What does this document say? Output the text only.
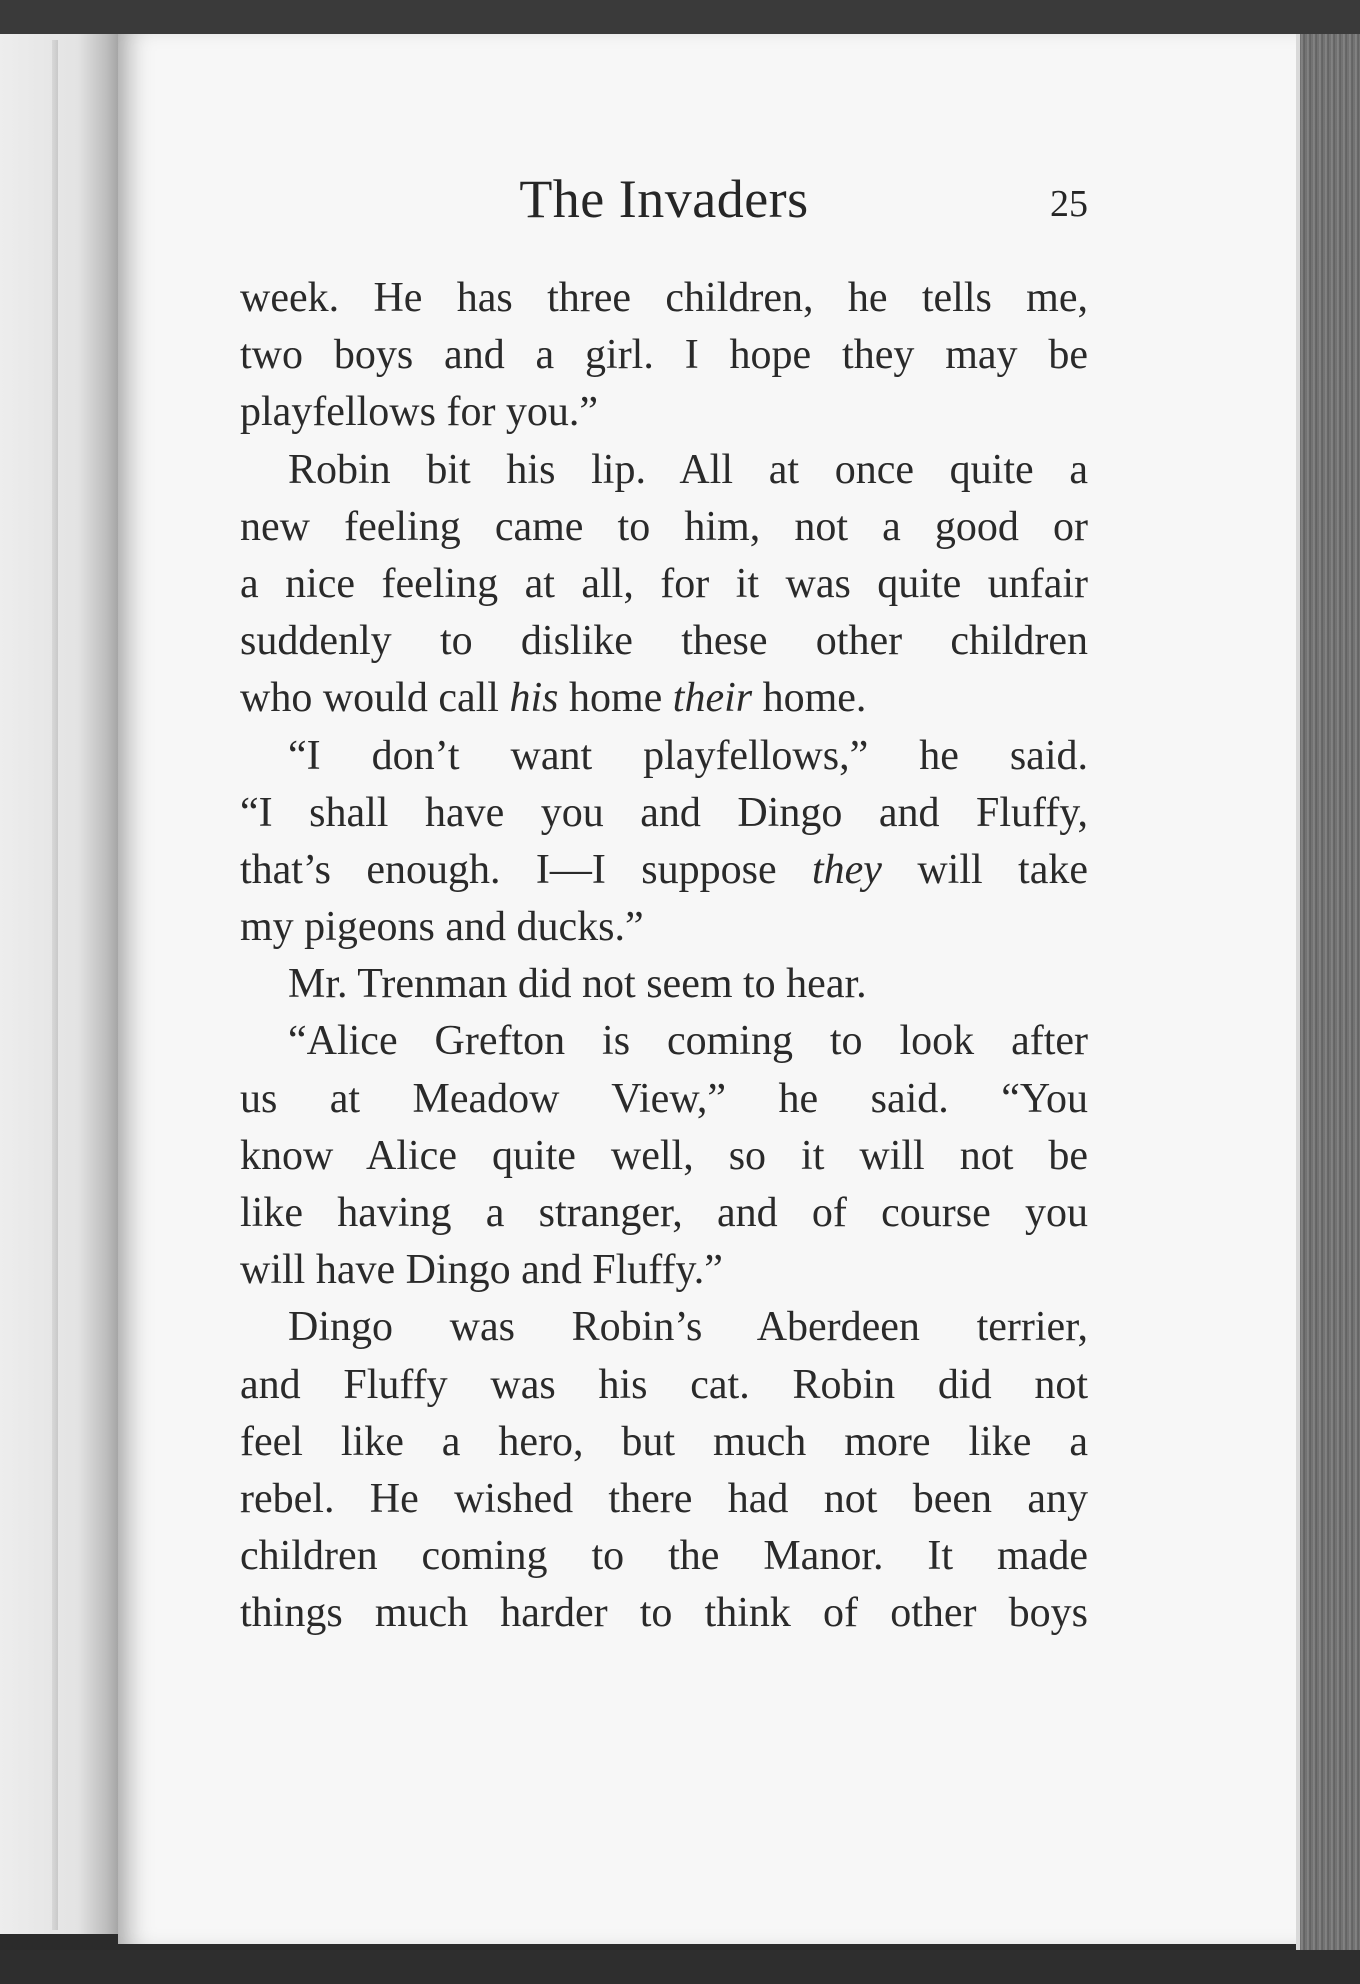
The Invaders	25
week. He has three children, he tells me,
two boys and a girl. I hope they may be
playfellows for you.”
Robin bit his lip. All at once quite a
new feeling came to him, not a good or
a nice feeling at all, for it was quite unfair
suddenly to dislike these other children
who would call his home their home.
“I don’t want playfellows,” he said.
“I shall have you and Dingo and Fluffy,
that’s enough. I—I suppose they will take
my pigeons and ducks.”
Mr. Trenman did not seem to hear.
“Alice Grefton is coming to look after
us at Meadow View,” he said. “You
know Alice quite well, so it will not be
like having a stranger, and of course you
will have Dingo and Fluffy.”
Dingo was Robin’s Aberdeen terrier,
and Fluffy was his cat. Robin did not
feel like a hero, but much more like a
rebel. He wished there had not been any
children coming to the Manor. It made
things much harder to think of other boys
